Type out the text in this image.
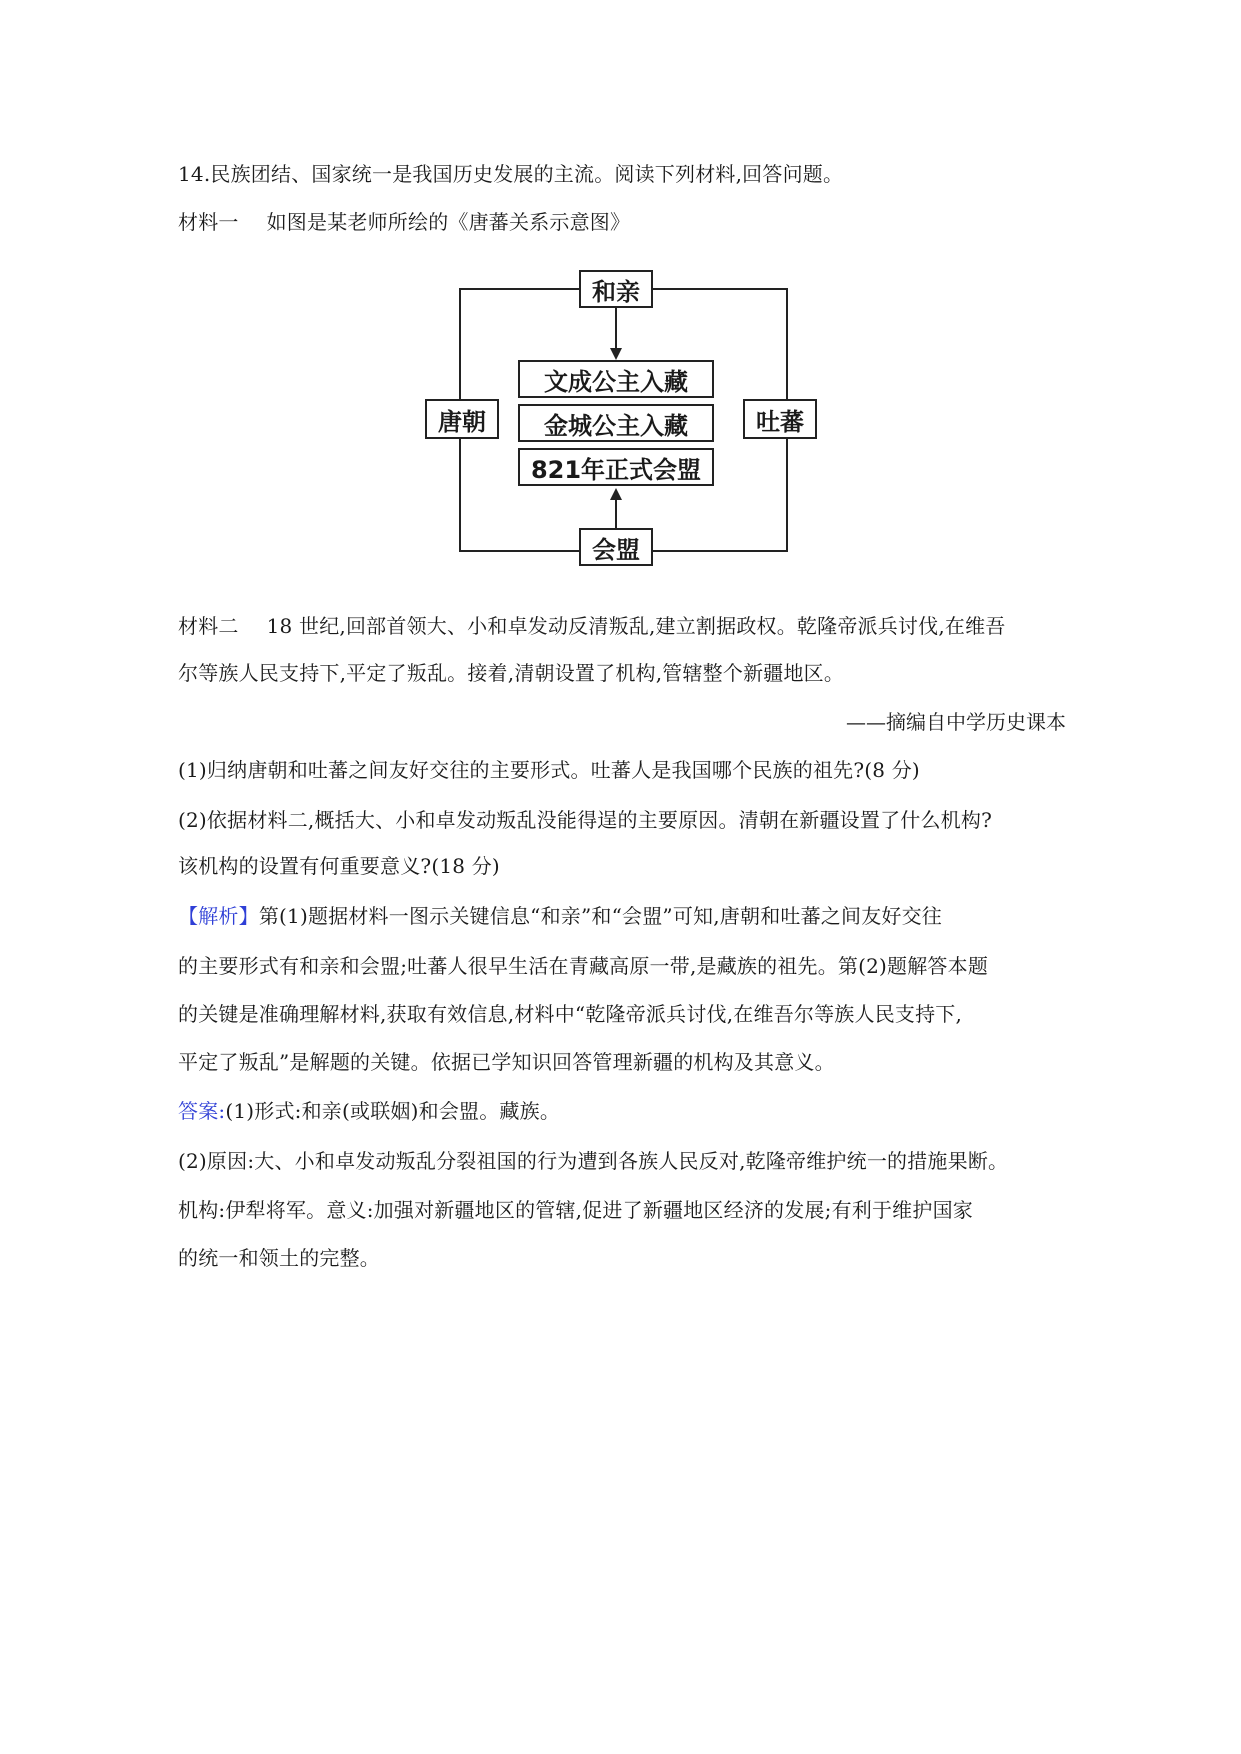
14.民族团结、国家统一是我国历史发展的主流。阅读下列材料,回答问题。
材料一 如图是某老师所绘的《唐蕃关系示意图》
和亲
会盟
唐朝	吐蕃
文成公主入藏
金城公主入藏
821年正式会盟
材料二 18 世纪,回部首领大、小和卓发动反清叛乱,建立割据政权。乾隆帝派兵讨伐,在维吾
尔等族人民支持下,平定了叛乱。接着,清朝设置了机构,管辖整个新疆地区。
——摘编自中学历史课本
(1)归纳唐朝和吐蕃之间友好交往的主要形式。吐蕃人是我国哪个民族的祖先?(8 分)
(2)依据材料二,概括大、小和卓发动叛乱没能得逞的主要原因。清朝在新疆设置了什么机构?
该机构的设置有何重要意义?(18 分)
【解析】第(1)题据材料一图示关键信息“和亲”和“会盟”可知,唐朝和吐蕃之间友好交往
的主要形式有和亲和会盟;吐蕃人很早生活在青藏高原一带,是藏族的祖先。第(2)题解答本题
的关键是准确理解材料,获取有效信息,材料中“乾隆帝派兵讨伐,在维吾尔等族人民支持下,
平定了叛乱”是解题的关键。依据已学知识回答管理新疆的机构及其意义。
答案:(1)形式:和亲(或联姻)和会盟。藏族。
(2)原因:大、小和卓发动叛乱分裂祖国的行为遭到各族人民反对,乾隆帝维护统一的措施果断。
机构:伊犁将军。意义:加强对新疆地区的管辖,促进了新疆地区经济的发展;有利于维护国家
的统一和领土的完整。
